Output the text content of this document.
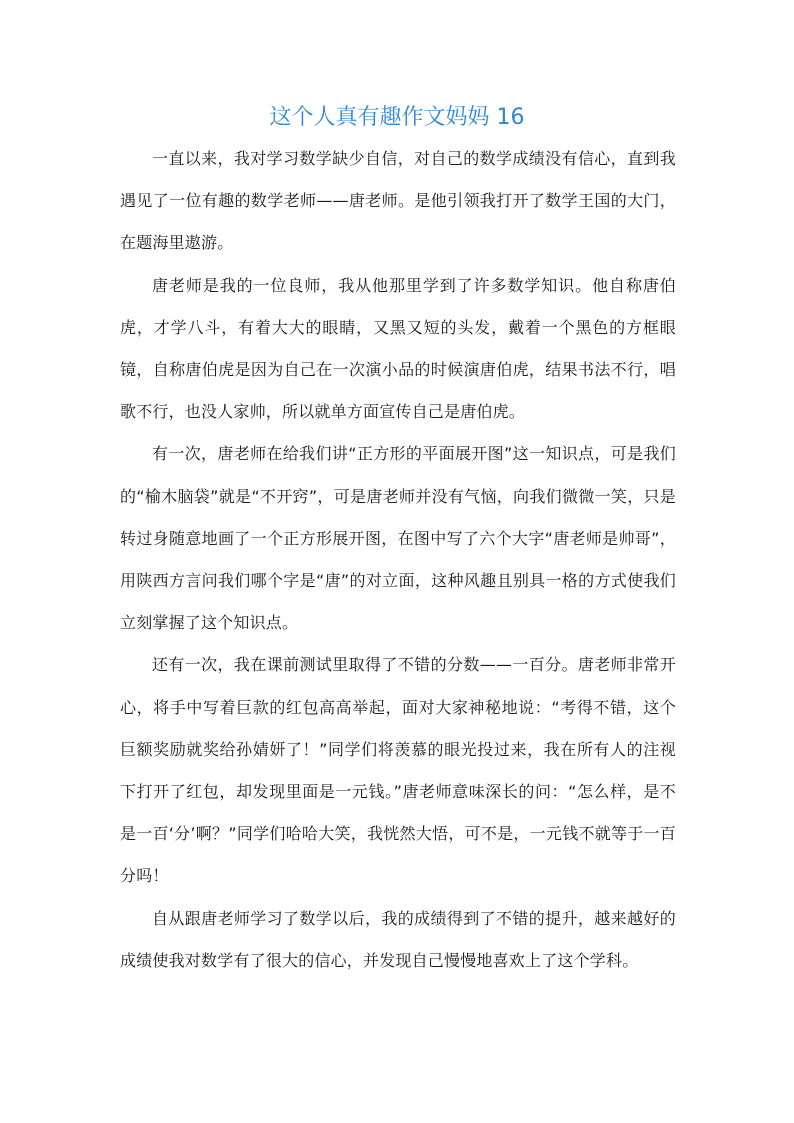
这个人真有趣作文妈妈 16

一直以来，我对学习数学缺少自信，对自己的数学成绩没有信心，直到我遇见了一位有趣的数学老师——唐老师。是他引领我打开了数学王国的大门，在题海里遨游。

唐老师是我的一位良师，我从他那里学到了许多数学知识。他自称唐伯虎，才学八斗，有着大大的眼睛，又黑又短的头发，戴着一个黑色的方框眼镜，自称唐伯虎是因为自己在一次演小品的时候演唐伯虎，结果书法不行，唱歌不行，也没人家帅，所以就单方面宣传自己是唐伯虎。

有一次，唐老师在给我们讲“正方形的平面展开图”这一知识点，可是我们的“榆木脑袋”就是“不开窍”，可是唐老师并没有气恼，向我们微微一笑，只是转过身随意地画了一个正方形展开图，在图中写了六个大字“唐老师是帅哥”，用陕西方言问我们哪个字是“唐”的对立面，这种风趣且别具一格的方式使我们立刻掌握了这个知识点。

还有一次，我在课前测试里取得了不错的分数——一百分。唐老师非常开心，将手中写着巨款的红包高高举起，面对大家神秘地说：“考得不错，这个巨额奖励就奖给孙婧妍了！”同学们将羡慕的眼光投过来，我在所有人的注视下打开了红包，却发现里面是一元钱。”唐老师意味深长的问：“怎么样，是不是一百‘分’啊？”同学们哈哈大笑，我恍然大悟，可不是，一元钱不就等于一百分吗！

自从跟唐老师学习了数学以后，我的成绩得到了不错的提升，越来越好的成绩使我对数学有了很大的信心，并发现自己慢慢地喜欢上了这个学科。
